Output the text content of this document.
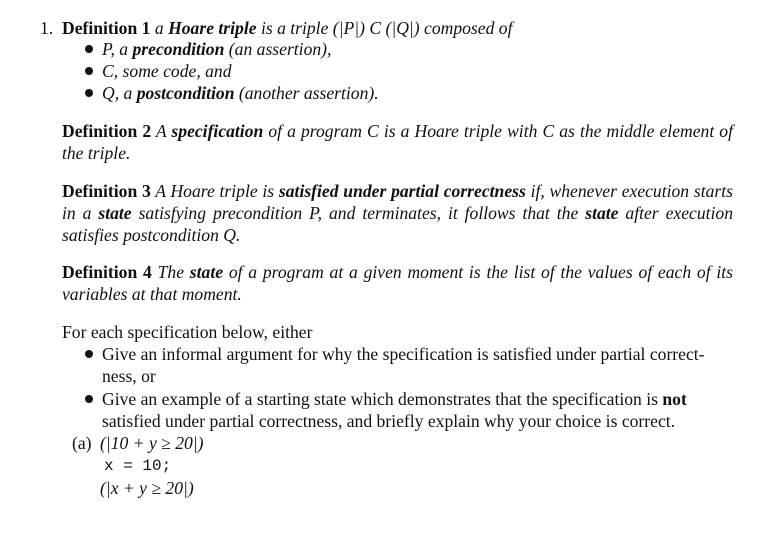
1. Definition 1 a Hoare triple is a triple (|P|) C (|Q|) composed of
P, a precondition (an assertion),
C, some code, and
Q, a postcondition (another assertion).
Definition 2 A specification of a program C is a Hoare triple with C as the middle element of the triple.
Definition 3 A Hoare triple is satisfied under partial correctness if, whenever execution starts in a state satisfying precondition P, and terminates, it follows that the state after execution satisfies postcondition Q.
Definition 4 The state of a program at a given moment is the list of the values of each of its variables at that moment.
For each specification below, either
Give an informal argument for why the specification is satisfied under partial correct-
ness, or
Give an example of a starting state which demonstrates that the specification is not
satisfied under partial correctness, and briefly explain why your choice is correct.
(a) (|10 + y ≥ 20|)
x = 10;
(|x + y ≥ 20|)
